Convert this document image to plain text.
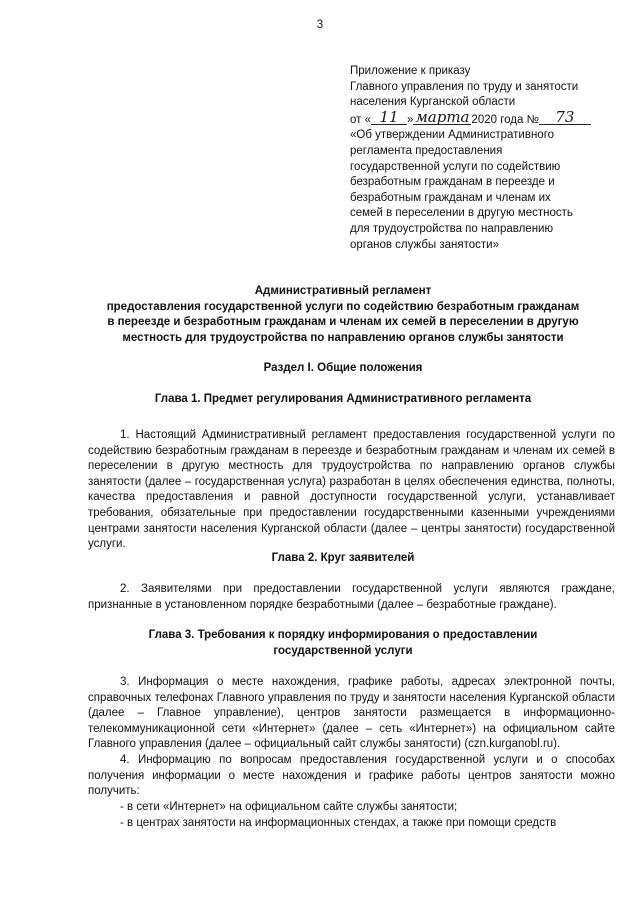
3
Приложение к приказу
Главного управления по труду и занятости
населения Курганской области
от « 11 » марта 2020 года № 73
«Об утверждении Административного
регламента предоставления
государственной услуги по содействию
безработным гражданам в переезде и
безработным гражданам и членам их
семей в переселении в другую местность
для трудоустройства по направлению
органов службы занятости»
Административный регламент
предоставления государственной услуги по содействию безработным гражданам
в переезде и безработным гражданам и членам их семей в переселении в другую
местность для трудоустройства по направлению органов службы занятости
Раздел I. Общие положения
Глава 1. Предмет регулирования Административного регламента
1. Настоящий Административный регламент предоставления государственной услуги по содействию безработным гражданам в переезде и безработным гражданам и членам их семей в переселении в другую местность для трудоустройства по направлению органов службы занятости (далее – государственная услуга) разработан в целях обеспечения единства, полноты, качества предоставления и равной доступности государственной услуги, устанавливает требования, обязательные при предоставлении государственными казенными учреждениями центрами занятости населения Курганской области (далее – центры занятости) государственной услуги.
Глава 2. Круг заявителей
2. Заявителями при предоставлении государственной услуги являются граждане, признанные в установленном порядке безработными (далее – безработные граждане).
Глава 3. Требования к порядку информирования о предоставлении
государственной услуги
3. Информация о месте нахождения, графике работы, адресах электронной почты, справочных телефонах Главного управления по труду и занятости населения Курганской области (далее – Главное управление), центров занятости размещается в информационно-телекоммуникационной сети «Интернет» (далее – сеть «Интернет») на официальном сайте Главного управления (далее – официальный сайт службы занятости) (czn.kurganobl.ru).
4. Информацию по вопросам предоставления государственной услуги и о способах получения информации о месте нахождения и графике работы центров занятости можно получить:
- в сети «Интернет» на официальном сайте службы занятости;
- в центрах занятости на информационных стендах, а также при помощи средств
